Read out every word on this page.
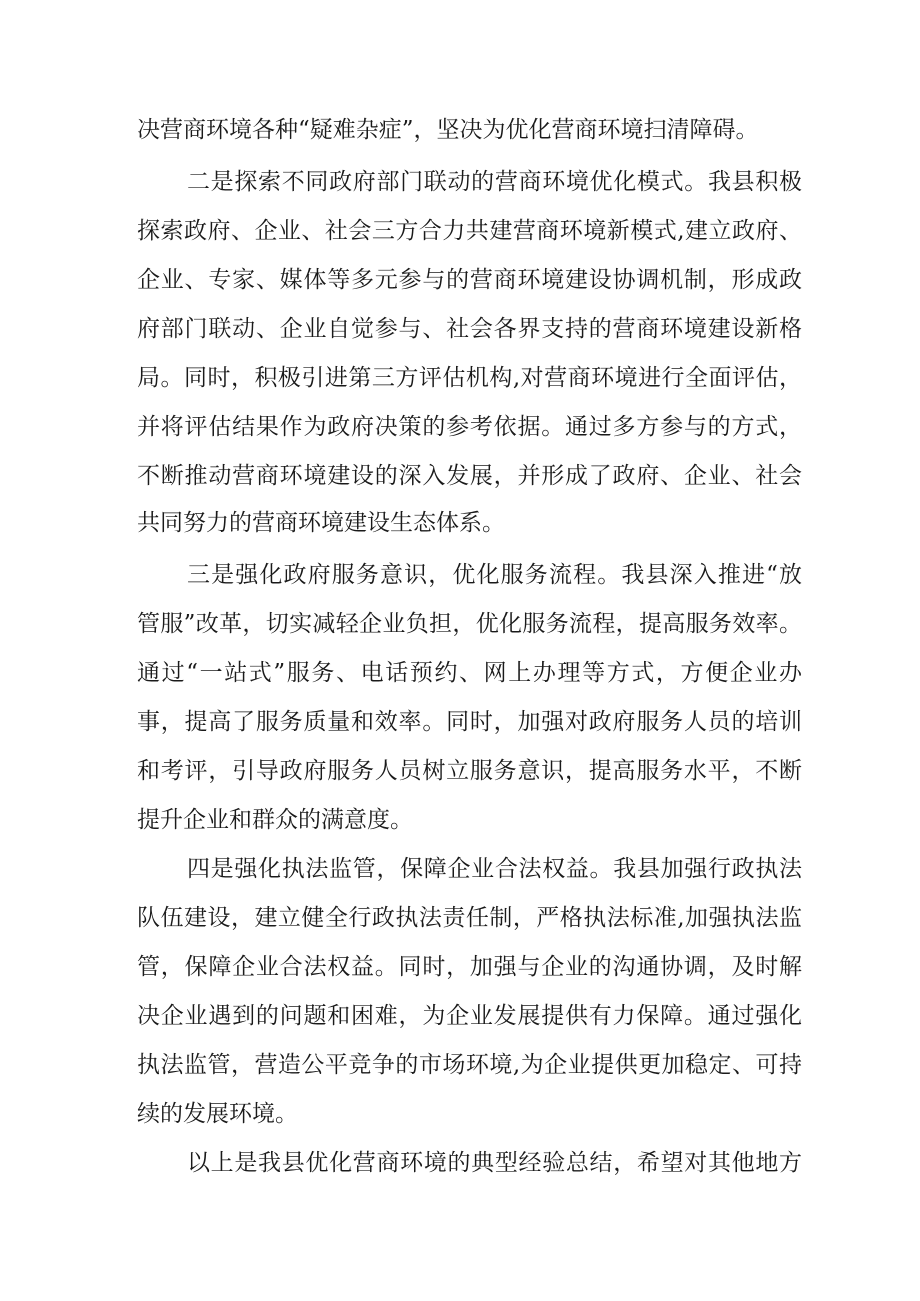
决营商环境各种“疑难杂症”，坚决为优化营商环境扫清障碍。
二是探索不同政府部门联动的营商环境优化模式。我县积极
探索政府、企业、社会三方合力共建营商环境新模式,建立政府、
企业、专家、媒体等多元参与的营商环境建设协调机制，形成政
府部门联动、企业自觉参与、社会各界支持的营商环境建设新格
局。同时，积极引进第三方评估机构,对营商环境进行全面评估，
并将评估结果作为政府决策的参考依据。通过多方参与的方式，
不断推动营商环境建设的深入发展，并形成了政府、企业、社会
共同努力的营商环境建设生态体系。
三是强化政府服务意识，优化服务流程。我县深入推进“放
管服”改革，切实减轻企业负担，优化服务流程，提高服务效率。
通过“一站式”服务、电话预约、网上办理等方式，方便企业办
事，提高了服务质量和效率。同时，加强对政府服务人员的培训
和考评，引导政府服务人员树立服务意识，提高服务水平，不断
提升企业和群众的满意度。
四是强化执法监管，保障企业合法权益。我县加强行政执法
队伍建设，建立健全行政执法责任制，严格执法标准,加强执法监
管，保障企业合法权益。同时，加强与企业的沟通协调，及时解
决企业遇到的问题和困难，为企业发展提供有力保障。通过强化
执法监管，营造公平竞争的市场环境,为企业提供更加稳定、可持
续的发展环境。
以上是我县优化营商环境的典型经验总结，希望对其他地方
